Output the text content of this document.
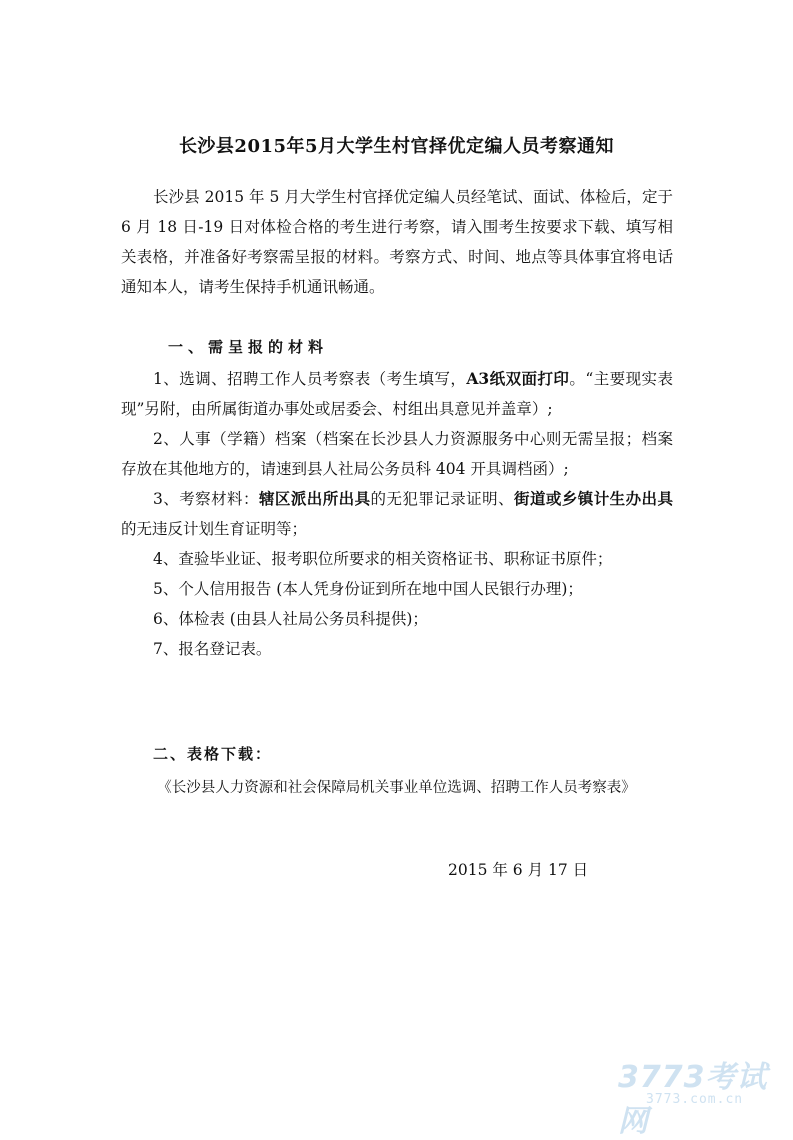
长沙县2015年5月大学生村官择优定编人员考察通知

长沙县 2015 年 5 月大学生村官择优定编人员经笔试、面试、体检后，定于 6 月 18 日-19 日对体检合格的考生进行考察，请入围考生按要求下载、填写相关表格，并准备好考察需呈报的材料。考察方式、时间、地点等具体事宜将电话通知本人，请考生保持手机通讯畅通。

一、需呈报的材料

1、选调、招聘工作人员考察表（考生填写，A3纸双面打印。“主要现实表现”另附，由所属街道办事处或居委会、村组出具意见并盖章）;

2、人事（学籍）档案（档案在长沙县人力资源服务中心则无需呈报；档案存放在其他地方的，请速到县人社局公务员科 404 开具调档函）;

3、考察材料：辖区派出所出具的无犯罪记录证明、街道或乡镇计生办出具的无违反计划生育证明等；

4、查验毕业证、报考职位所要求的相关资格证书、职称证书原件；

5、个人信用报告 (本人凭身份证到所在地中国人民银行办理)；

6、体检表 (由县人社局公务员科提供)；

7、报名登记表。

二、表格下载：
《长沙县人力资源和社会保障局机关事业单位选调、招聘工作人员考察表》
2015 年 6 月 17 日
3773考试网
3773.com.cn
